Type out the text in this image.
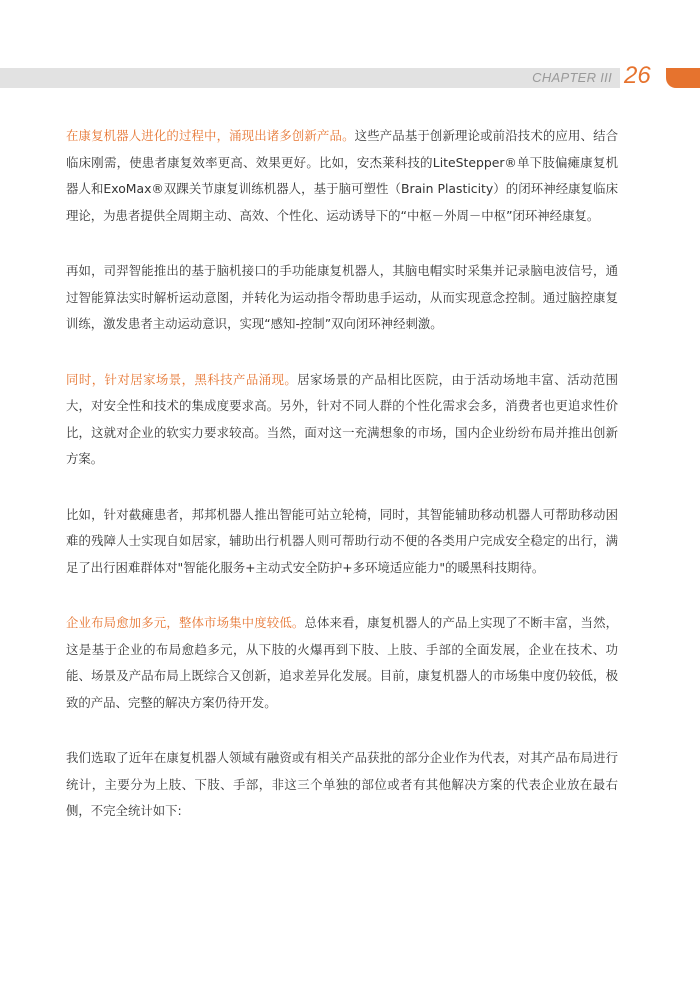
CHAPTER III 26

在康复机器人进化的过程中，涌现出诸多创新产品。这些产品基于创新理论或前沿技术的应用、结合临床刚需，使患者康复效率更高、效果更好。比如，安杰莱科技的LiteStepper®单下肢偏瘫康复机器人和ExoMax®双踝关节康复训练机器人，基于脑可塑性（Brain Plasticity）的闭环神经康复临床理论，为患者提供全周期主动、高效、个性化、运动诱导下的“中枢－外周－中枢”闭环神经康复。

再如，司羿智能推出的基于脑机接口的手功能康复机器人，其脑电帽实时采集并记录脑电波信号，通过智能算法实时解析运动意图，并转化为运动指令帮助患手运动，从而实现意念控制。通过脑控康复训练，激发患者主动运动意识，实现“感知-控制”双向闭环神经刺激。

同时，针对居家场景，黑科技产品涌现。居家场景的产品相比医院，由于活动场地丰富、活动范围大，对安全性和技术的集成度要求高。另外，针对不同人群的个性化需求会多，消费者也更追求性价比，这就对企业的软实力要求较高。当然，面对这一充满想象的市场，国内企业纷纷布局并推出创新方案。

比如，针对截瘫患者，邦邦机器人推出智能可站立轮椅，同时，其智能辅助移动机器人可帮助移动困难的残障人士实现自如居家，辅助出行机器人则可帮助行动不便的各类用户完成安全稳定的出行，满足了出行困难群体对"智能化服务+主动式安全防护+多环境适应能力"的暖黑科技期待。

企业布局愈加多元，整体市场集中度较低。总体来看，康复机器人的产品上实现了不断丰富，当然，这是基于企业的布局愈趋多元，从下肢的火爆再到下肢、上肢、手部的全面发展，企业在技术、功能、场景及产品布局上既综合又创新，追求差异化发展。目前，康复机器人的市场集中度仍较低，极致的产品、完整的解决方案仍待开发。

我们选取了近年在康复机器人领域有融资或有相关产品获批的部分企业作为代表，对其产品布局进行统计，主要分为上肢、下肢、手部，非这三个单独的部位或者有其他解决方案的代表企业放在最右侧，不完全统计如下:
